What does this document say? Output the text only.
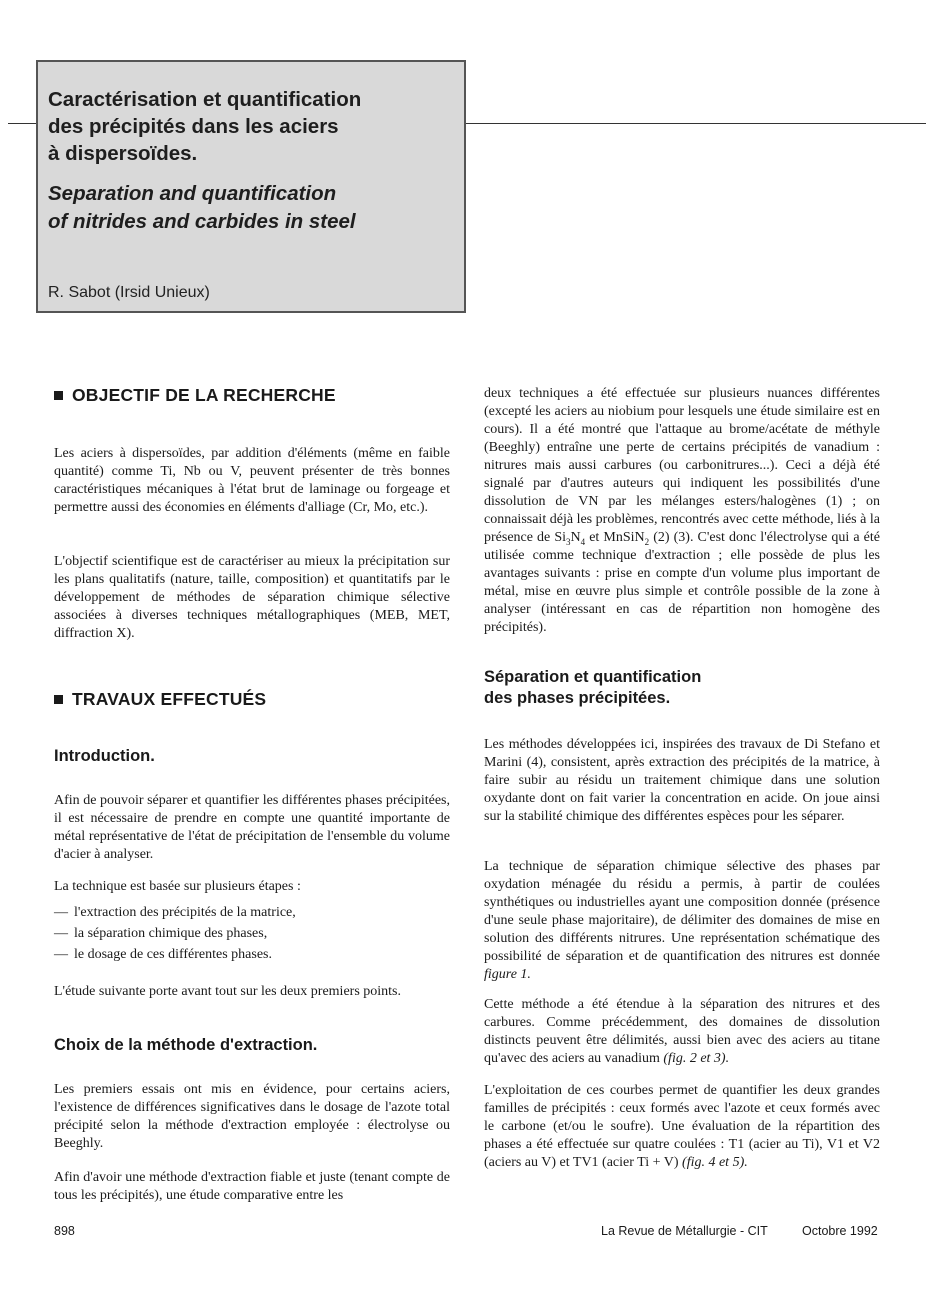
Caractérisation et quantification
des précipités dans les aciers
à dispersoïdes.
Separation and quantification
of nitrides and carbides in steel
R. Sabot (Irsid Unieux)
OBJECTIF DE LA RECHERCHE

Les aciers à dispersoïdes, par addition d'éléments (même en faible quantité) comme Ti, Nb ou V, peuvent présenter de très bonnes caractéristiques mécaniques à l'état brut de laminage ou forgeage et permettre aussi des économies en éléments d'alliage (Cr, Mo, etc.).

L'objectif scientifique est de caractériser au mieux la précipitation sur les plans qualitatifs (nature, taille, composition) et quantitatifs par le développement de méthodes de séparation chimique sélective associées à diverses techniques métallographiques (MEB, MET, diffraction X).

TRAVAUX EFFECTUÉS
Introduction.

Afin de pouvoir séparer et quantifier les différentes phases précipitées, il est nécessaire de prendre en compte une quantité importante de métal représentative de l'état de précipitation de l'ensemble du volume d'acier à analyser.

La technique est basée sur plusieurs étapes :

— l'extraction des précipités de la matrice,
— la séparation chimique des phases,
— le dosage de ces différentes phases.

L'étude suivante porte avant tout sur les deux premiers points.

Choix de la méthode d'extraction.

Les premiers essais ont mis en évidence, pour certains aciers, l'existence de différences significatives dans le dosage de l'azote total précipité selon la méthode d'extraction employée : électrolyse ou Beeghly.

Afin d'avoir une méthode d'extraction fiable et juste (tenant compte de tous les précipités), une étude comparative entre les

deux techniques a été effectuée sur plusieurs nuances différentes (excepté les aciers au niobium pour lesquels une étude similaire est en cours). Il a été montré que l'attaque au brome/acétate de méthyle (Beeghly) entraîne une perte de certains précipités de vanadium : nitrures mais aussi carbures (ou carbonitrures...). Ceci a déjà été signalé par d'autres auteurs qui indiquent les possibilités d'une dissolution de VN par les mélanges esters/halogènes (1) ; on connaissait déjà les problèmes, rencontrés avec cette méthode, liés à la présence de $Si_3N_4$ et MnSiN$_2$ (2) (3). C'est donc l'électrolyse qui a été utilisée comme technique d'extraction ; elle possède de plus les avantages suivants : prise en compte d'un volume plus important de métal, mise en œuvre plus simple et contrôle possible de la zone à analyser (intéressant en cas de répartition non homogène des précipités).

Séparation et quantification
des phases précipitées.

Les méthodes développées ici, inspirées des travaux de Di Stefano et Marini (4), consistent, après extraction des précipités de la matrice, à faire subir au résidu un traitement chimique dans une solution oxydante dont on fait varier la concentration en acide. On joue ainsi sur la stabilité chimique des différentes espèces pour les séparer.

La technique de séparation chimique sélective des phases par oxydation ménagée du résidu a permis, à partir de coulées synthétiques ou industrielles ayant une composition donnée (présence d'une seule phase majoritaire), de délimiter des domaines de mise en solution des différents nitrures. Une représentation schématique des possibilité de séparation et de quantification des nitrures est donnée figure 1.

Cette méthode a été étendue à la séparation des nitrures et des carbures. Comme précédemment, des domaines de dissolution distincts peuvent être délimités, aussi bien avec des aciers au titane qu'avec des aciers au vanadium (fig. 2 et 3).

L'exploitation de ces courbes permet de quantifier les deux grandes familles de précipités : ceux formés avec l'azote et ceux formés avec le carbone (et/ou le soufre). Une évaluation de la répartition des phases a été effectuée sur quatre coulées : T1 (acier au Ti), V1 et V2 (aciers au V) et TV1 (acier Ti + V) (fig. 4 et 5).

898	La Revue de Métallurgie - CIT	Octobre 1992
